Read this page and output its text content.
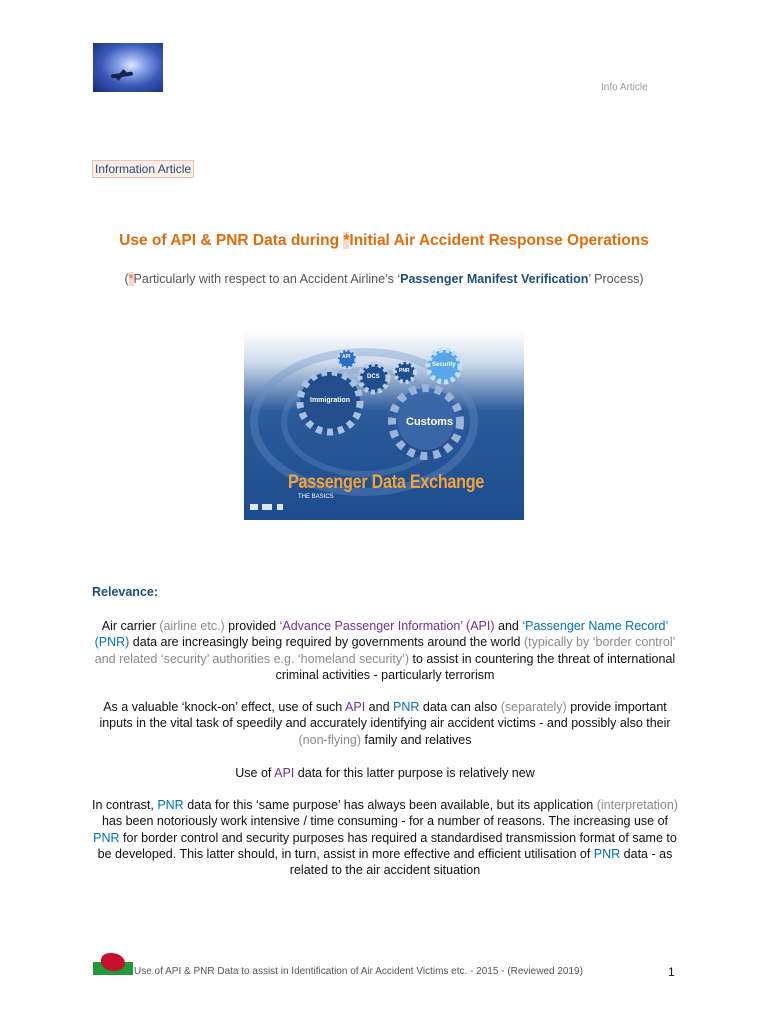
Info Article
Information Article
Use of API & PNR Data during *Initial Air Accident Response Operations
(*Particularly with respect to an Accident Airline’s ‘Passenger Manifest Verification’ Process)
API
DCS
PNR
Security
Immigration
Customs
Passenger Data Exchange
THE BASICS
Relevance:
Air carrier (airline etc.) provided ‘Advance Passenger Information’ (API) and ‘Passenger Name Record’ (PNR) data are increasingly being required by governments around the world (typically by ‘border control’ and related ‘security’ authorities e.g. ‘homeland security’) to assist in countering the threat of international criminal activities - particularly terrorism
As a valuable ‘knock-on’ effect, use of such API and PNR data can also (separately) provide important inputs in the vital task of speedily and accurately identifying air accident victims - and possibly also their (non-flying) family and relatives
Use of API data for this latter purpose is relatively new
In contrast, PNR data for this ‘same purpose’ has always been available, but its application (interpretation) has been notoriously work intensive / time consuming - for a number of reasons. The increasing use of PNR for border control and security purposes has required a standardised transmission format of same to be developed. This latter should, in turn, assist in more effective and efficient utilisation of PNR data - as related to the air accident situation
Use of API & PNR Data to assist in Identification of Air Accident Victims etc. - 2015 - (Reviewed 2019)	1
